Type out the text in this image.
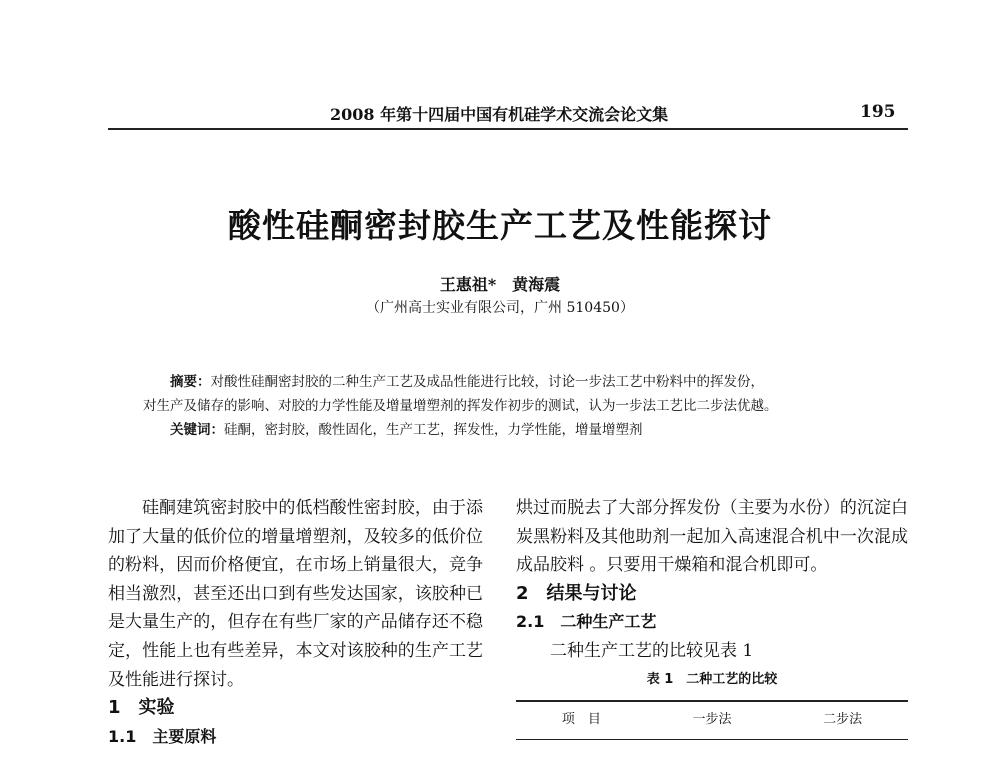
2008 年第十四届中国有机硅学术交流会论文集	195
酸性硅酮密封胶生产工艺及性能探讨
王惠祖*　黄海震
（广州高士实业有限公司，广州 510450）
摘要：对酸性硅酮密封胶的二种生产工艺及成品性能进行比较，讨论一步法工艺中粉料中的挥发份，
对生产及储存的影响、对胶的力学性能及增量增塑剂的挥发作初步的测试，认为一步法工艺比二步法优越。
关键词：硅酮，密封胶，酸性固化，生产工艺，挥发性，力学性能，增量增塑剂

硅酮建筑密封胶中的低档酸性密封胶，由于添加了大量的低价位的增量增塑剂，及较多的低价位的粉料，因而价格便宜，在市场上销量很大，竞争相当激烈，甚至还出口到有些发达国家，该胶种已是大量生产的，但存在有些厂家的产品储存还不稳定，性能上也有些差异，本文对该胶种的生产工艺及性能进行探讨。

1　实验
1.1　主要原料

烘过而脱去了大部分挥发份（主要为水份）的沉淀白炭黑粉料及其他助剂一起加入高速混合机中一次混成成品胶料 。只要用干燥箱和混合机即可。

2　结果与讨论
2.1　二种生产工艺

二种生产工艺的比较见表 1

表 1　二种工艺的比较
项　目	一步法	二步法
